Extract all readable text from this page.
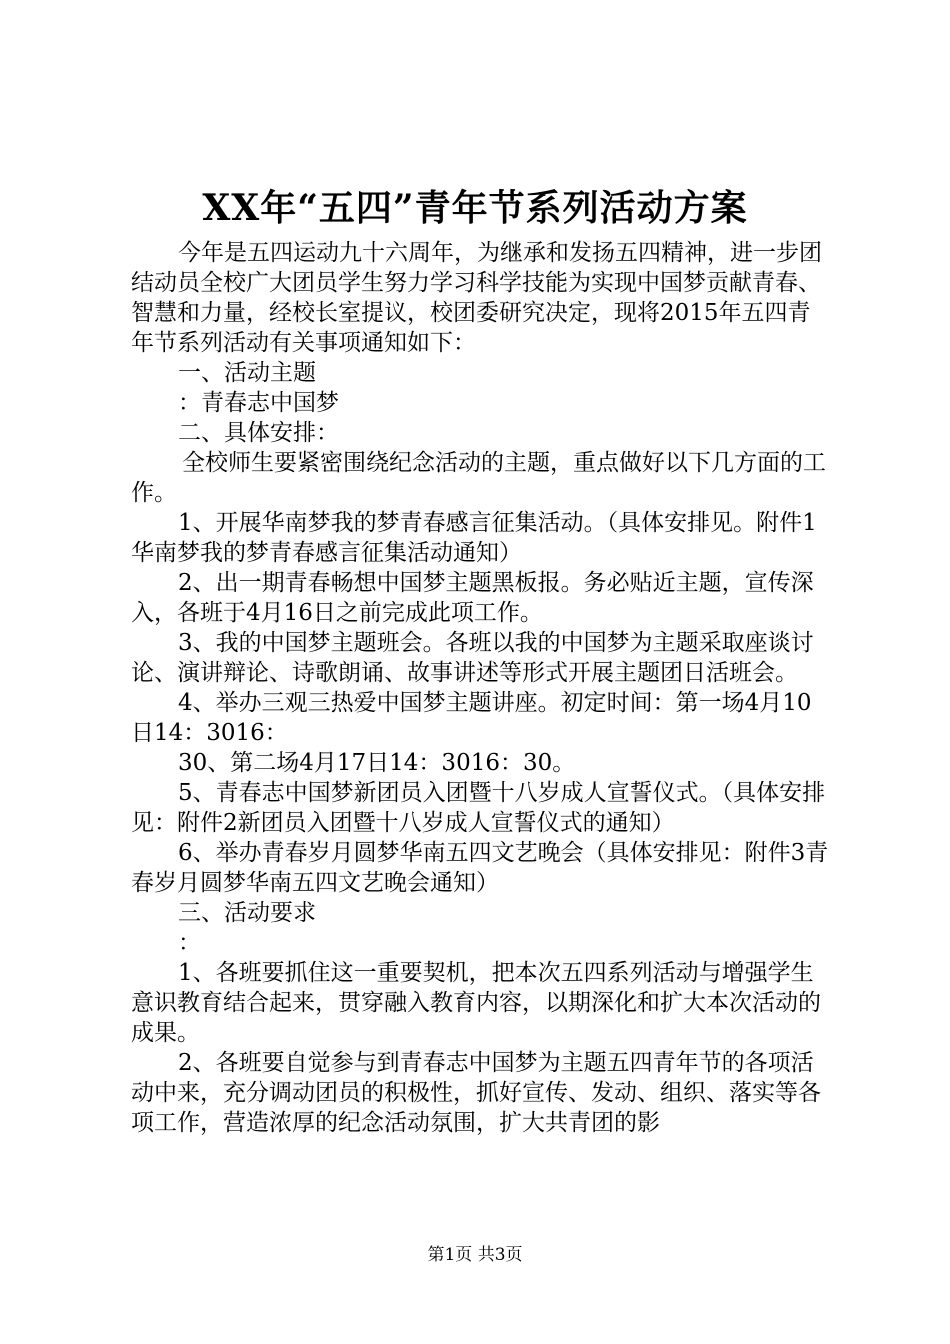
XX年“五四”青年节系列活动方案

今年是五四运动九十六周年，为继承和发扬五四精神，进一步团结动员全校广大团员学生努力学习科学技能为实现中国梦贡献青春、智慧和力量，经校长室提议，校团委研究决定，现将2015年五四青年节系列活动有关事项通知如下：

一、活动主题

：青春志中国梦

二、具体安排：

全校师生要紧密围绕纪念活动的主题，重点做好以下几方面的工作。

1、开展华南梦我的梦青春感言征集活动。（具体安排见。附件1华南梦我的梦青春感言征集活动通知）

2、出一期青春畅想中国梦主题黑板报。务必贴近主题，宣传深入，各班于4月16日之前完成此项工作。

3、我的中国梦主题班会。各班以我的中国梦为主题采取座谈讨论、演讲辩论、诗歌朗诵、故事讲述等形式开展主题团日活班会。

4、举办三观三热爱中国梦主题讲座。初定时间：第一场4月10日14：3016：

30、第二场4月17日14：3016：30。

5、青春志中国梦新团员入团暨十八岁成人宣誓仪式。（具体安排见：附件2新团员入团暨十八岁成人宣誓仪式的通知）

6、举办青春岁月圆梦华南五四文艺晚会（具体安排见：附件3青春岁月圆梦华南五四文艺晚会通知）

三、活动要求

：

1、各班要抓住这一重要契机，把本次五四系列活动与增强学生意识教育结合起来，贯穿融入教育内容，以期深化和扩大本次活动的成果。

2、各班要自觉参与到青春志中国梦为主题五四青年节的各项活动中来，充分调动团员的积极性，抓好宣传、发动、组织、落实等各项工作，营造浓厚的纪念活动氛围，扩大共青团的影

第1页 共3页
